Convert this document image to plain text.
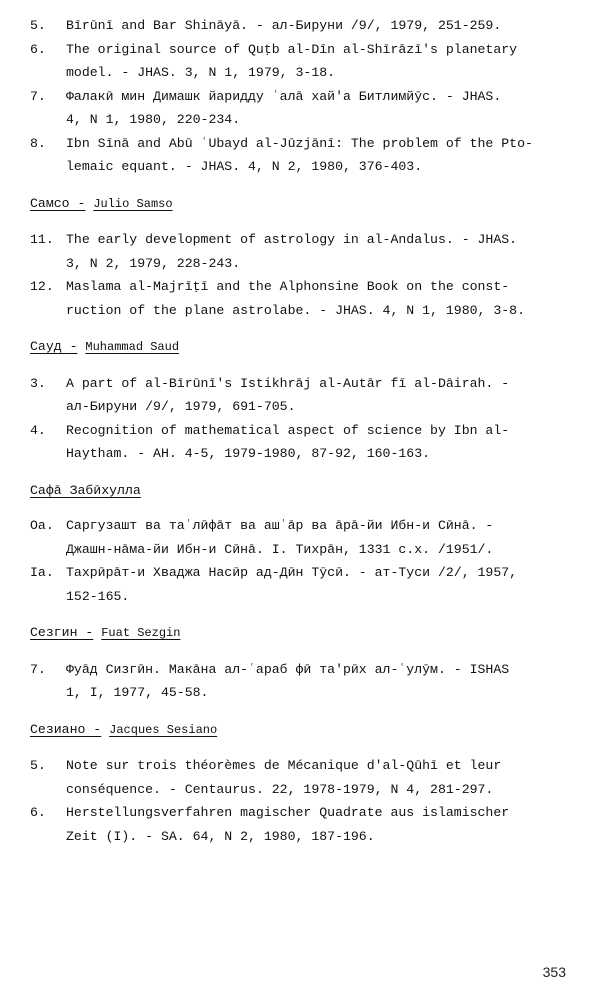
5.	Bīrūnī and Bar Shināyā. - ал-Бируни /9/, 1979, 251-259.
6.	The original source of Quṭb al-Dīn al-Shīrāzī's planetary
model. - JHAS. 3, N 1, 1979, 3-18.
7.	Фалакӣ мин Димашк йаридду ʿалā хай'а Битлимйӯс. - JHAS.
4, N 1, 1980, 220-234.
8.	Ibn Sīnā and Abū ʿUbayd al-Jūzjānī: The problem of the Pto-
lemaic equant. - JHAS. 4, N 2, 1980, 376-403.
Самсо - Julio Samso
11. The early development of astrology in al-Andalus. - JHAS.
3, N 2, 1979, 228-243.
12. Maslama al-Majrīṭī and the Alphonsine Book on the const-
ruction of the plane astrolabe. - JHAS. 4, N 1, 1980, 3-8.
Сауд - Muhammad Saud
3.	A part of al-Bīrūnī's Istikhrāj al-Autār fī al-Dāirah. -
ал-Бируни /9/, 1979, 691-705.
4.	Recognition of mathematical aspect of science by Ibn al-
Haytham. - AH. 4-5, 1979-1980, 87-92, 160-163.
Сафā Забӣхулла
Оа. Саргузашт ва таʿлӣфāт ва ашʿāр ва āрā-йи Ибн-и Сӣнā. -
Джашн-нāма-йи Ибн-и Сӣнā. I. Тихрāн, 1331 с.х. /1951/.
Iа. Тахрӣрāт-и Хваджа Насӣр ад-Дӣн Тӯсӣ. - ат-Туси /2/, 1957,
152-165.
Сезгин - Fuat Sezgin
7.	Фуāд Сизгӣн. Макāна ал-ʿараб фӣ та'рӣх ал-ʿулӯм. - ISHAS
1, I, 1977, 45-58.
Сезиано - Jacques Sesiano
5.	Note sur trois théorèmes de Mécanique d'al-Qūhī et leur
conséquence. - Centaurus. 22, 1978-1979, N 4, 281-297.
6.	Herstellungsverfahren magischer Quadrate aus islamischer
Zeit (I). - SA. 64, N 2, 1980, 187-196.
353
